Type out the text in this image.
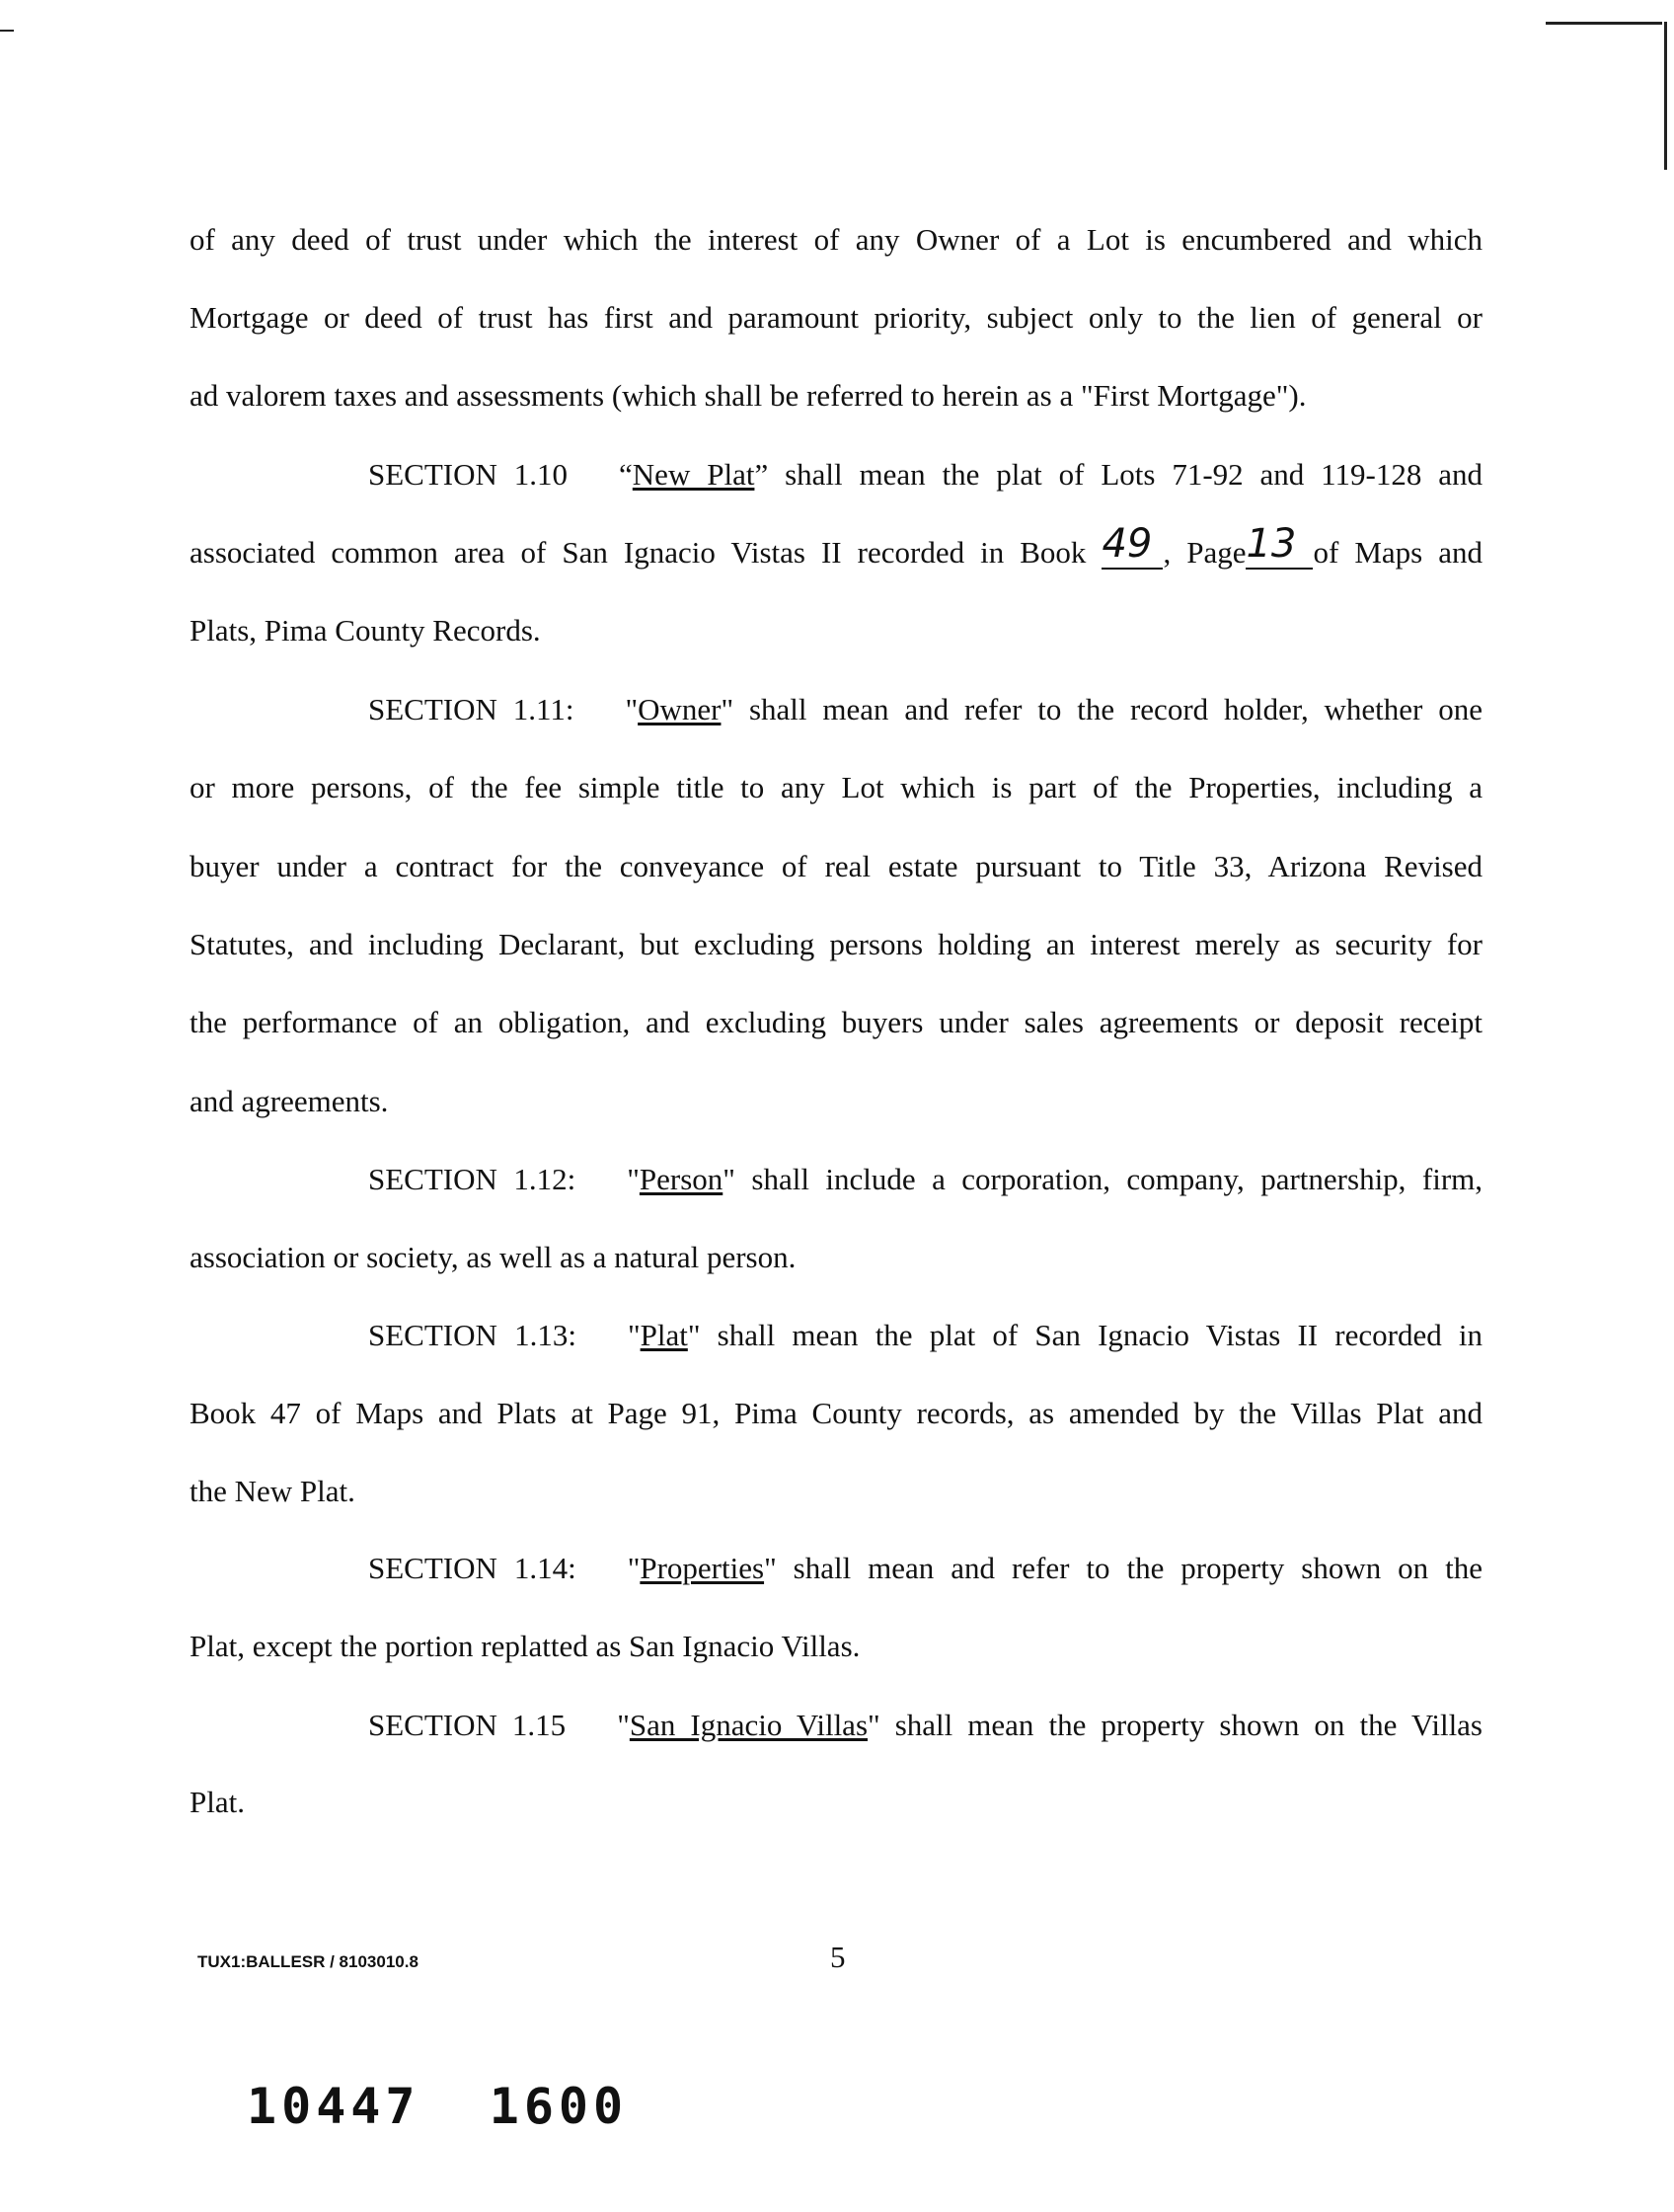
of any deed of trust under which the interest of any Owner of a Lot is encumbered and which
Mortgage or deed of trust has first and paramount priority, subject only to the lien of general or
ad valorem taxes and assessments (which shall be referred to herein as a "First Mortgage").
SECTION 1.10 “New Plat” shall mean the plat of Lots 71-92 and 119-128 and
associated common area of San Ignacio Vistas II recorded in Book 49 , Page13 of Maps and
Plats, Pima County Records.
SECTION 1.11: "Owner" shall mean and refer to the record holder, whether one
or more persons, of the fee simple title to any Lot which is part of the Properties, including a
buyer under a contract for the conveyance of real estate pursuant to Title 33, Arizona Revised
Statutes, and including Declarant, but excluding persons holding an interest merely as security for
the performance of an obligation, and excluding buyers under sales agreements or deposit receipt
and agreements.
SECTION 1.12: "Person" shall include a corporation, company, partnership, firm,
association or society, as well as a natural person.
SECTION 1.13: "Plat" shall mean the plat of San Ignacio Vistas II recorded in
Book 47 of Maps and Plats at Page 91, Pima County records, as amended by the Villas Plat and
the New Plat.
SECTION 1.14: "Properties" shall mean and refer to the property shown on the
Plat, except the portion replatted as San Ignacio Villas.
SECTION 1.15 "San Ignacio Villas" shall mean the property shown on the Villas
Plat.
TUX1:BALLESR / 8103010.8	5
10447  1600
